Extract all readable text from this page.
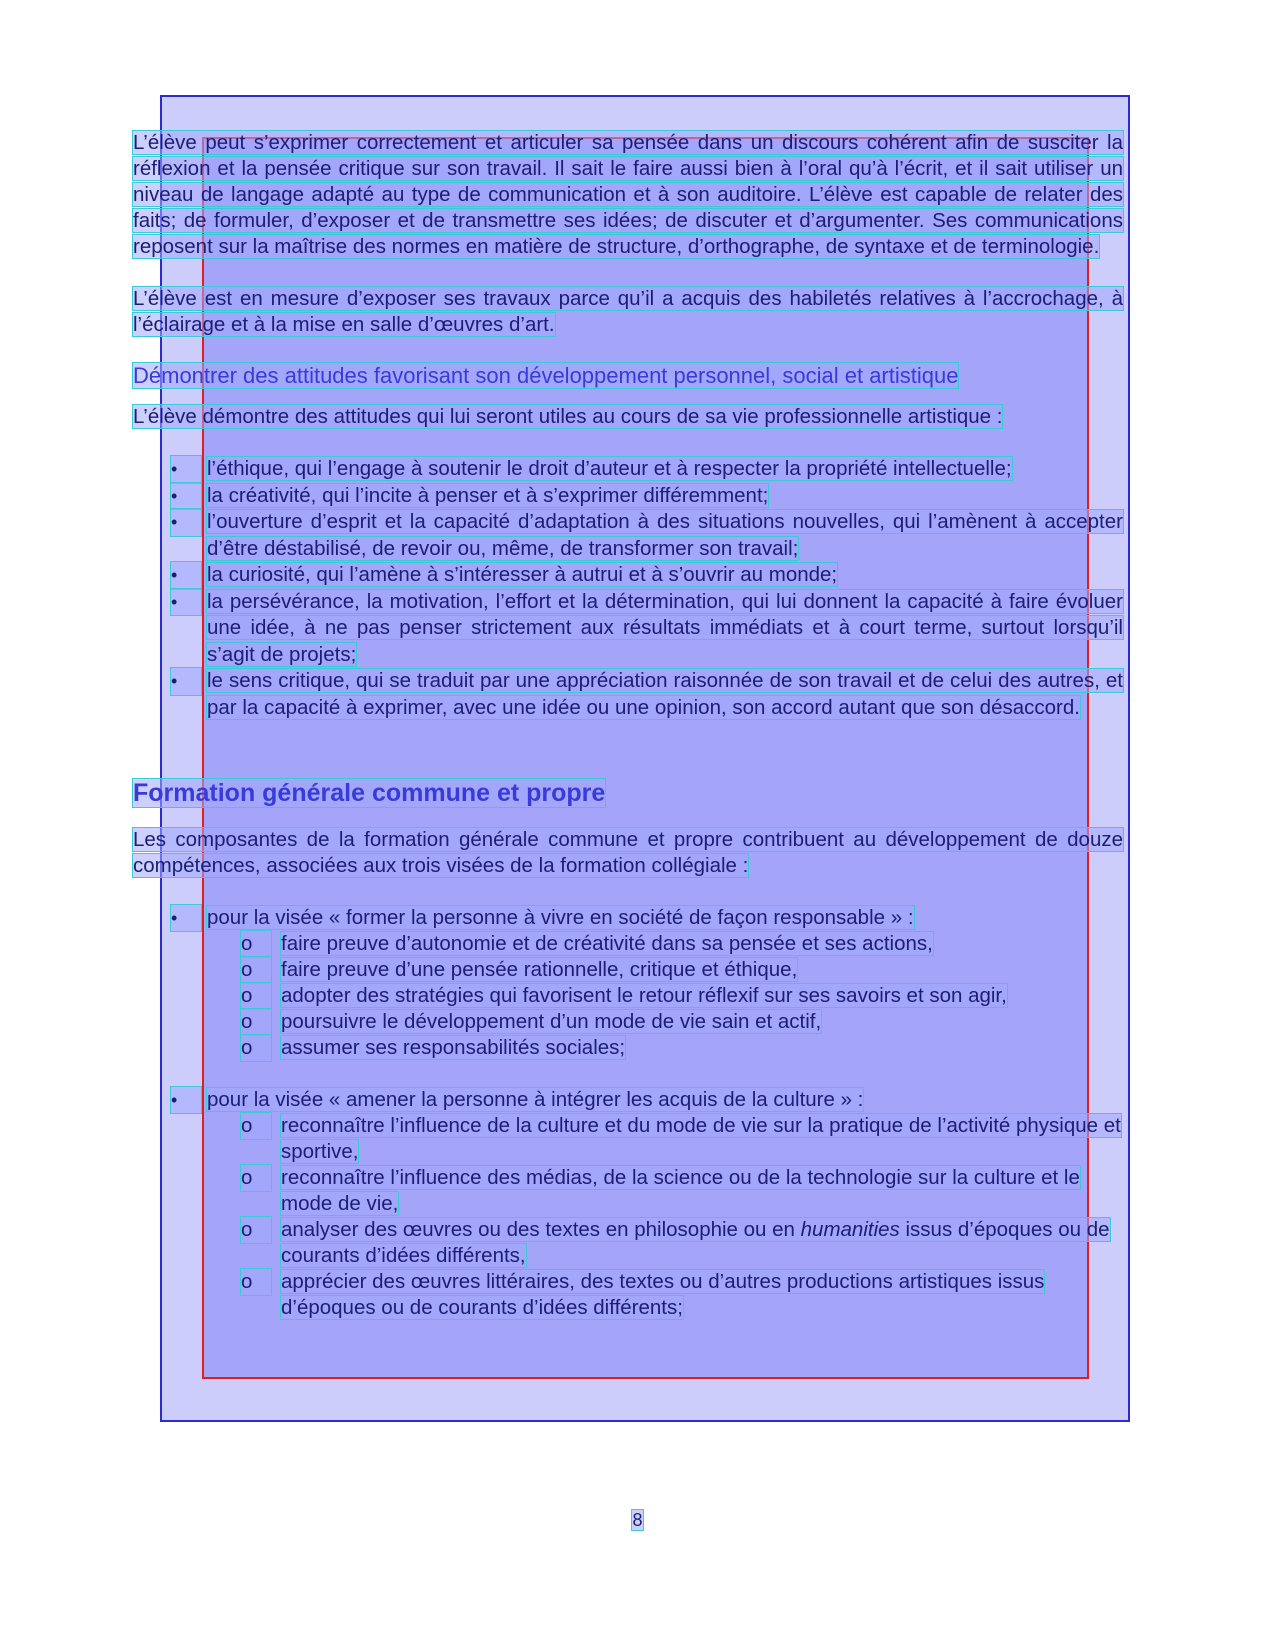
L’élève peut s’exprimer correctement et articuler sa pensée dans un discours cohérent afin de susciter la réflexion et la pensée critique sur son travail. Il sait le faire aussi bien à l’oral qu’à l’écrit, et il sait utiliser un niveau de langage adapté au type de communication et à son auditoire. L’élève est capable de relater des faits; de formuler, d’exposer et de transmettre ses idées; de discuter et d’argumenter. Ses communications reposent sur la maîtrise des normes en matière de structure, d’orthographe, de syntaxe et de terminologie.

L’élève est en mesure d’exposer ses travaux parce qu’il a acquis des habiletés relatives à l’accrochage, à l’éclairage et à la mise en salle d’œuvres d’art.

Démontrer des attitudes favorisant son développement personnel, social et artistique

L’élève démontre des attitudes qui lui seront utiles au cours de sa vie professionnelle artistique :

•	l’éthique, qui l’engage à soutenir le droit d’auteur et à respecter la propriété intellectuelle;
•	la créativité, qui l’incite à penser et à s’exprimer différemment;
•	l’ouverture d’esprit et la capacité d’adaptation à des situations nouvelles, qui l’amènent à accepter d’être déstabilisé, de revoir ou, même, de transformer son travail;
•	la curiosité, qui l’amène à s’intéresser à autrui et à s’ouvrir au monde;
•	la persévérance, la motivation, l’effort et la détermination, qui lui donnent la capacité à faire évoluer une idée, à ne pas penser strictement aux résultats immédiats et à court terme, surtout lorsqu’il s’agit de projets;
•	le sens critique, qui se traduit par une appréciation raisonnée de son travail et de celui des autres, et par la capacité à exprimer, avec une idée ou une opinion, son accord autant que son désaccord.
Formation générale commune et propre

Les composantes de la formation générale commune et propre contribuent au développement de douze compétences, associées aux trois visées de la formation collégiale :

•	pour la visée « former la personne à vivre en société de façon responsable » :
o	faire preuve d’autonomie et de créativité dans sa pensée et ses actions,
o	faire preuve d’une pensée rationnelle, critique et éthique,
o	adopter des stratégies qui favorisent le retour réflexif sur ses savoirs et son agir,
o	poursuivre le développement d’un mode de vie sain et actif,
o	assumer ses responsabilités sociales;
•	pour la visée « amener la personne à intégrer les acquis de la culture » :
o	reconnaître l’influence de la culture et du mode de vie sur la pratique de l’activité physique et sportive,
o	reconnaître l’influence des médias, de la science ou de la technologie sur la culture et le mode de vie,
o	analyser des œuvres ou des textes en philosophie ou en humanities issus d’époques ou de courants d’idées différents,
o	apprécier des œuvres littéraires, des textes ou d’autres productions artistiques issus d’époques ou de courants d’idées différents;
8
